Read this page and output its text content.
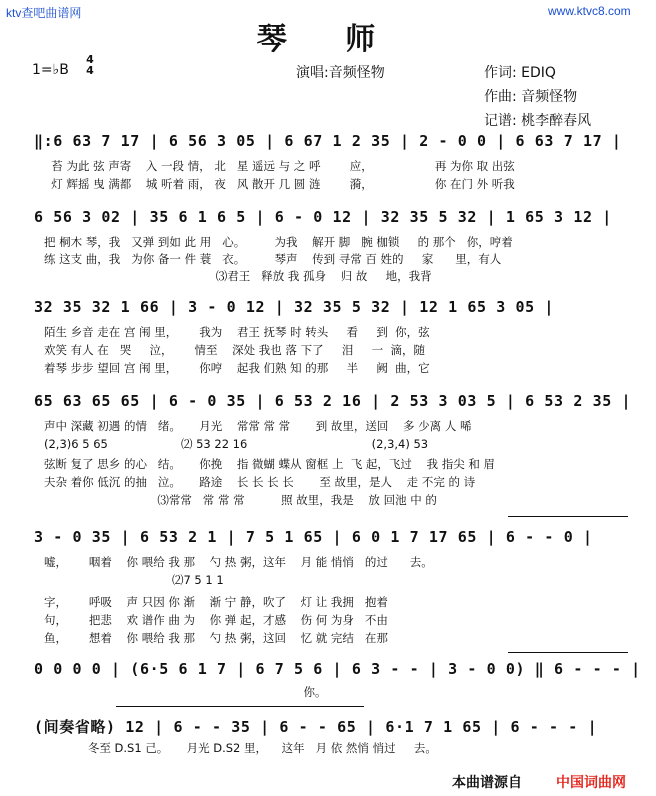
ktv查吧曲谱网	www.ktvc8.com
琴 师
1=♭B
4
4	演唱:音频怪物	作词: EDIQ
作曲: 音频怪物
记谱: 桃李醉春风
‖:6 63 7 17 | 6 56 3 05 | 6 67 1 2 35 | 2 - 0 0 | 6 63 7 17 |
苔 为此 弦 声寄    入 一段 情， 北   星 遥远 与 之 呼        应，                 再 为你 取 出弦
灯 辉摇 曳 满都    城 听着 雨， 夜   风 散开 几 圆 涟        漪，                 你 在门 外 听我
6 56 3 02 | 35 6 1 6 5 | 6 - 0 12 | 32 35 5 32 | 1 65 3 12 |
把 桐木 琴，我   又弹 到如 此 用   心。        为我    解开 脚   腕 枷锁     的 那个   你，哼着
练 这支 曲，我   为你 备一 件 蓑   衣。        琴声    传到 寻常 百 姓的     家      里，有人
⑶君王   释放 我 孤身    归 故     地，我背
32 35 32 1 66 | 3 - 0 12 | 32 35 5 32 | 12 1 65 3 05 |
陌生 乡音 走在 宫 闱 里，      我为    君王 抚琴 时 转头     看     到  你，弦
欢笑 有人 在   哭     泣，      情至    深处 我也 落 下了     泪     一  滴，随
着琴 步步 望回 宫 闱 里，      你哼    起我 们熟 知 的那     半     阙  曲，它
65 63 65 65 | 6 - 0 35 | 6 53 2 16 | 2 53 3 03 5 | 6 53 2 35 |
声中 深藏 初遇 的情   绪。     月光    常常 常 常       到 故里，送回    多 少离 人 唏
(2,3)6 5 65                    ⑵ 53 22 16                                  (2,3,4) 53
弦断 复了 思乡 的心   结。     你挽    指 微蝴 蝶从 窗框 上  飞 起，飞过    我 指尖 和 眉
夫杂 着你 低沉 的抽   泣。     路途    长 长 长 长       至 故里，是人    走 不完 的 诗
⑶常常   常 常 常          照 故里，我是    放 回池 中 的
3 - 0 35 | 6 53 2 1 | 7 5 1 65 | 6 0 1 7 17 65 | 6 - - 0 |
嘘，      咽着    你 喂给 我 那    勺 热 粥，这年    月 能 悄悄   的过      去。
⑵7 5 1 1
字，      呼吸    声 只因 你 渐    渐 宁 静，吹了    灯 让 我拥   抱着
句，      把悲    欢 谱作 曲 为    你 弹 起，才感    伤 何 为身   不由
鱼，      想着    你 喂给 我 那    勺 热 粥，这回    忆 就 完结   在那
0 0 0 0 | (6·5 6 1 7 | 6 7 5 6 | 6 3 - - | 3 - 0 0) ‖ 6 - - - |
你。
(间奏省略) 12 | 6 - - 35 | 6 - - 65 | 6·1 7 1 65 | 6 - - - |
冬至 D.S1 己。     月光 D.S2 里，    这年   月 依 然悄 悄过     去。
本曲谱源自 中国词曲网
